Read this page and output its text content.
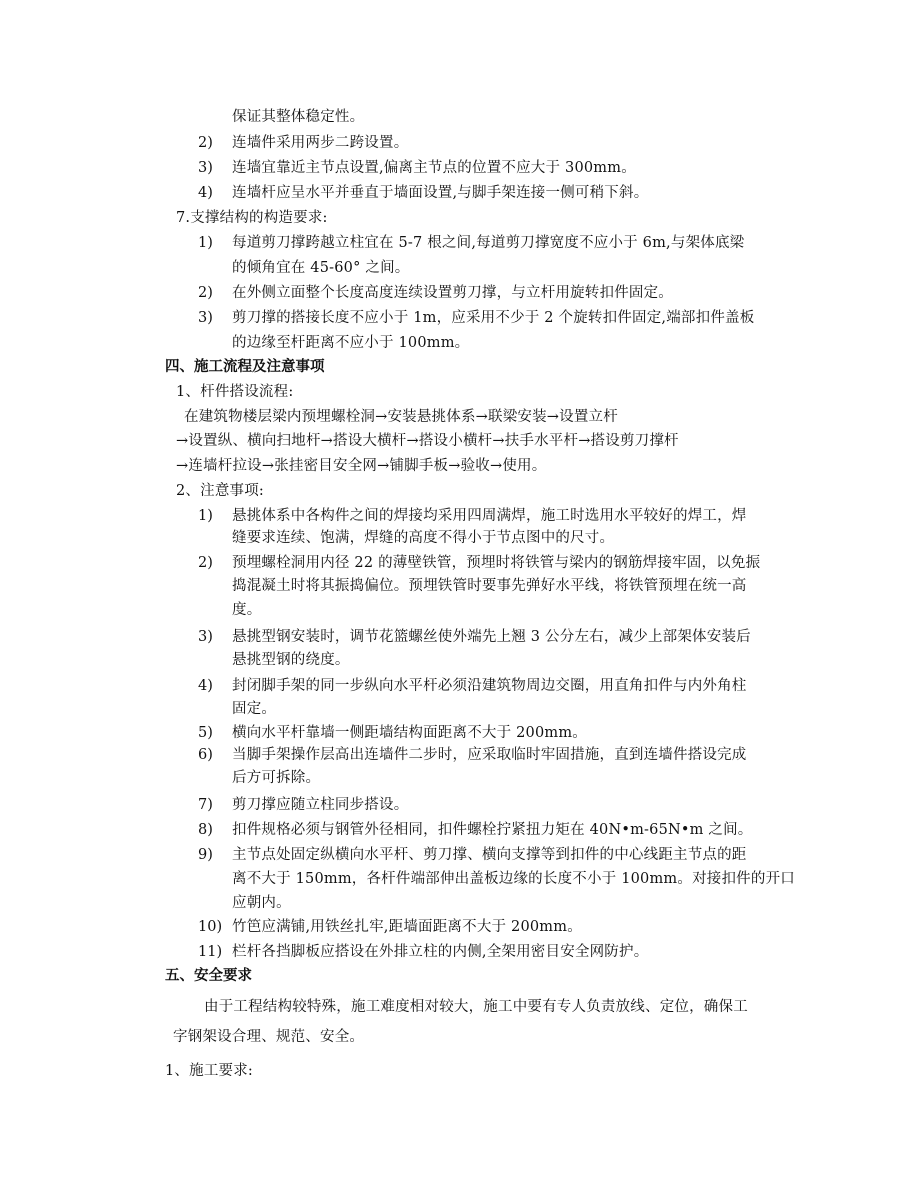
保证其整体稳定性。
2) 连墙件采用两步二跨设置。
3) 连墙宜靠近主节点设置,偏离主节点的位置不应大于 300mm。
4) 连墙杆应呈水平并垂直于墙面设置,与脚手架连接一侧可稍下斜。
7.支撑结构的构造要求:
1) 每道剪刀撑跨越立柱宜在 5-7 根之间,每道剪刀撑宽度不应小于 6m,与架体底梁
的倾角宜在 45-60° 之间。
2) 在外侧立面整个长度高度连续设置剪刀撑，与立杆用旋转扣件固定。
3) 剪刀撑的搭接长度不应小于 1m，应采用不少于 2 个旋转扣件固定,端部扣件盖板
的边缘至杆距离不应小于 100mm。
四、施工流程及注意事项
1、杆件搭设流程:
在建筑物楼层梁内预埋螺栓洞→安装悬挑体系→联梁安装→设置立杆
→设置纵、横向扫地杆→搭设大横杆→搭设小横杆→扶手水平杆→搭设剪刀撑杆
→连墙杆拉设→张挂密目安全网→铺脚手板→验收→使用。
2、注意事项:
1) 悬挑体系中各构件之间的焊接均采用四周满焊，施工时选用水平较好的焊工，焊
缝要求连续、饱满，焊缝的高度不得小于节点图中的尺寸。
2) 预埋螺栓洞用内径 22 的薄壁铁管，预埋时将铁管与梁内的钢筋焊接牢固，以免振
捣混凝土时将其振捣偏位。预埋铁管时要事先弹好水平线，将铁管预埋在统一高
度。
3) 悬挑型钢安装时，调节花篮螺丝使外端先上翘 3 公分左右，减少上部架体安装后
悬挑型钢的绕度。
4) 封闭脚手架的同一步纵向水平杆必须沿建筑物周边交圈，用直角扣件与内外角柱
固定。
5) 横向水平杆靠墙一侧距墙结构面距离不大于 200mm。
6) 当脚手架操作层高出连墙件二步时，应采取临时牢固措施，直到连墙件搭设完成
后方可拆除。
7) 剪刀撑应随立柱同步搭设。
8) 扣件规格必须与钢管外径相同，扣件螺栓拧紧扭力矩在 40N•m-65N•m 之间。
9) 主节点处固定纵横向水平杆、剪刀撑、横向支撑等到扣件的中心线距主节点的距
离不大于 150mm，各杆件端部伸出盖板边缘的长度不小于 100mm。对接扣件的开口
应朝内。
10) 竹笆应满铺,用铁丝扎牢,距墙面距离不大于 200mm。
11) 栏杆各挡脚板应搭设在外排立柱的内侧,全架用密目安全网防护。
五、安全要求
由于工程结构较特殊，施工难度相对较大，施工中要有专人负责放线、定位，确保工
字钢架设合理、规范、安全。
1、施工要求:
